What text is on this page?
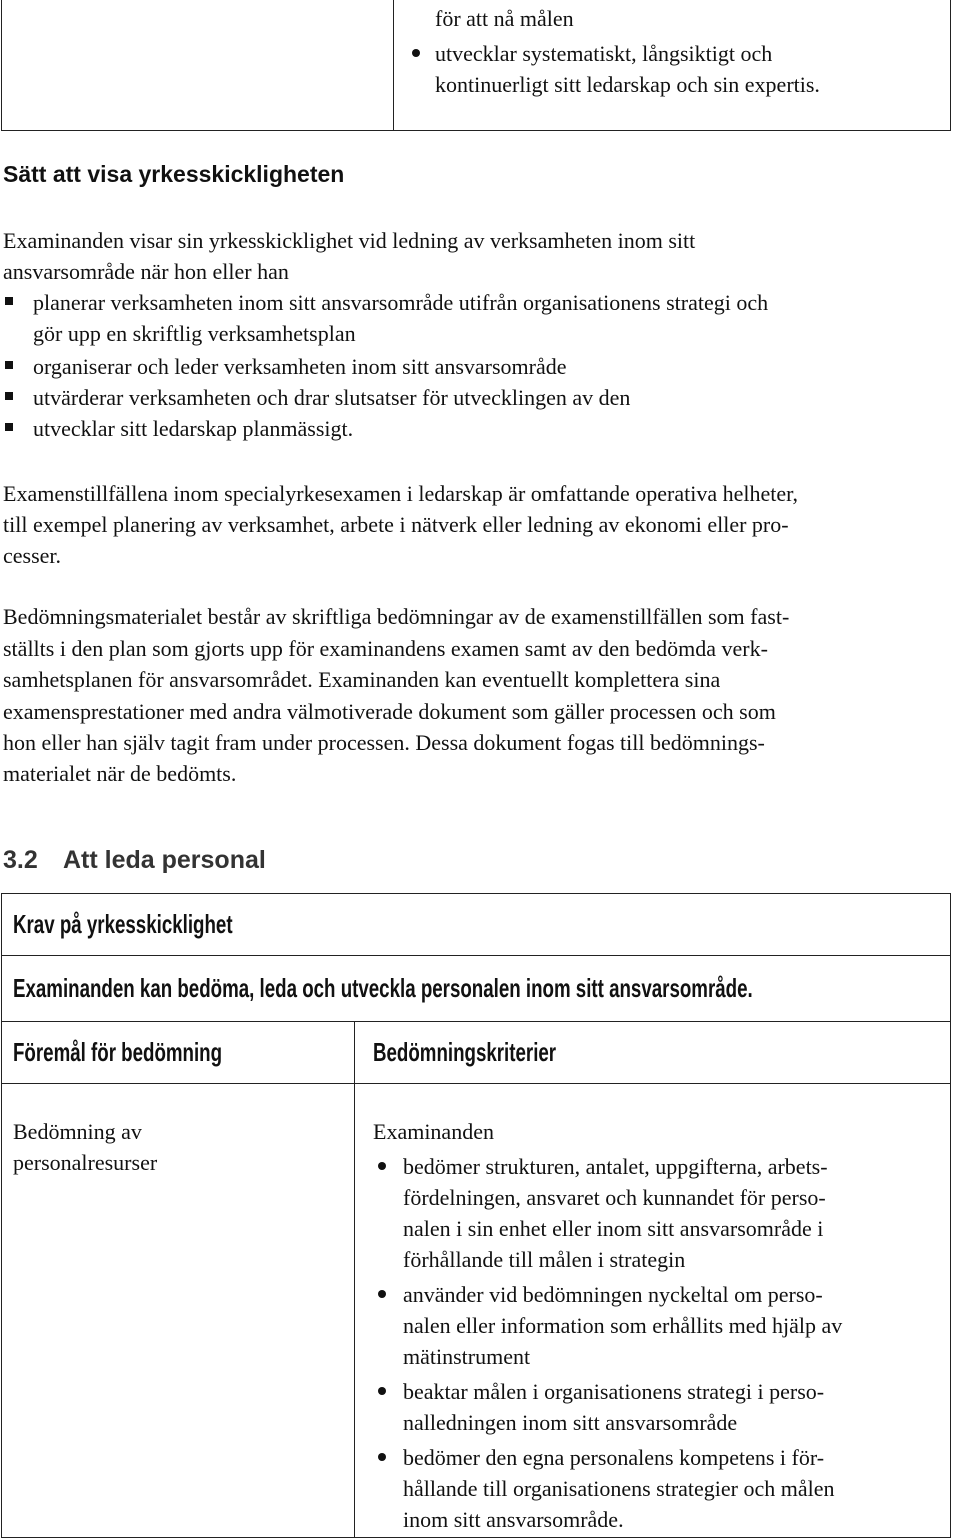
för att nå målen
utvecklar systematiskt, långsiktigt och
kontinuerligt sitt ledarskap och sin expertis.
Sätt att visa yrkesskickligheten
Examinanden visar sin yrkesskicklighet vid ledning av verksamheten inom sitt
ansvarsområde när hon eller han
planerar verksamheten inom sitt ansvarsområde utifrån organisationens strategi och
gör upp en skriftlig verksamhetsplan
organiserar och leder verksamheten inom sitt ansvarsområde
utvärderar verksamheten och drar slutsatser för utvecklingen av den
utvecklar sitt ledarskap planmässigt.
Examenstillfällena inom specialyrkesexamen i ledarskap är omfattande operativa helheter,
till exempel planering av verksamhet, arbete i nätverk eller ledning av ekonomi eller pro-
cesser.
Bedömningsmaterialet består av skriftliga bedömningar av de examenstillfällen som fast-
ställts i den plan som gjorts upp för examinandens examen samt av den bedömda verk-
samhetsplanen för ansvarsområdet. Examinanden kan eventuellt komplettera sina
examensprestationer med andra välmotiverade dokument som gäller processen och som
hon eller han själv tagit fram under processen. Dessa dokument fogas till bedömnings-
materialet när de bedömts.
3.2 Att leda personal
Krav på yrkesskicklighet
Examinanden kan bedöma, leda och utveckla personalen inom sitt ansvarsområde.
Föremål för bedömning	Bedömningskriterier
Bedömning av
personalresurser
Examinanden
bedömer strukturen, antalet, uppgifterna, arbets-
fördelningen, ansvaret och kunnandet för perso-
nalen i sin enhet eller inom sitt ansvarsområde i
förhållande till målen i strategin
använder vid bedömningen nyckeltal om perso-
nalen eller information som erhållits med hjälp av
mätinstrument
beaktar målen i organisationens strategi i perso-
nalledningen inom sitt ansvarsområde
bedömer den egna personalens kompetens i för-
hållande till organisationens strategier och målen
inom sitt ansvarsområde.
